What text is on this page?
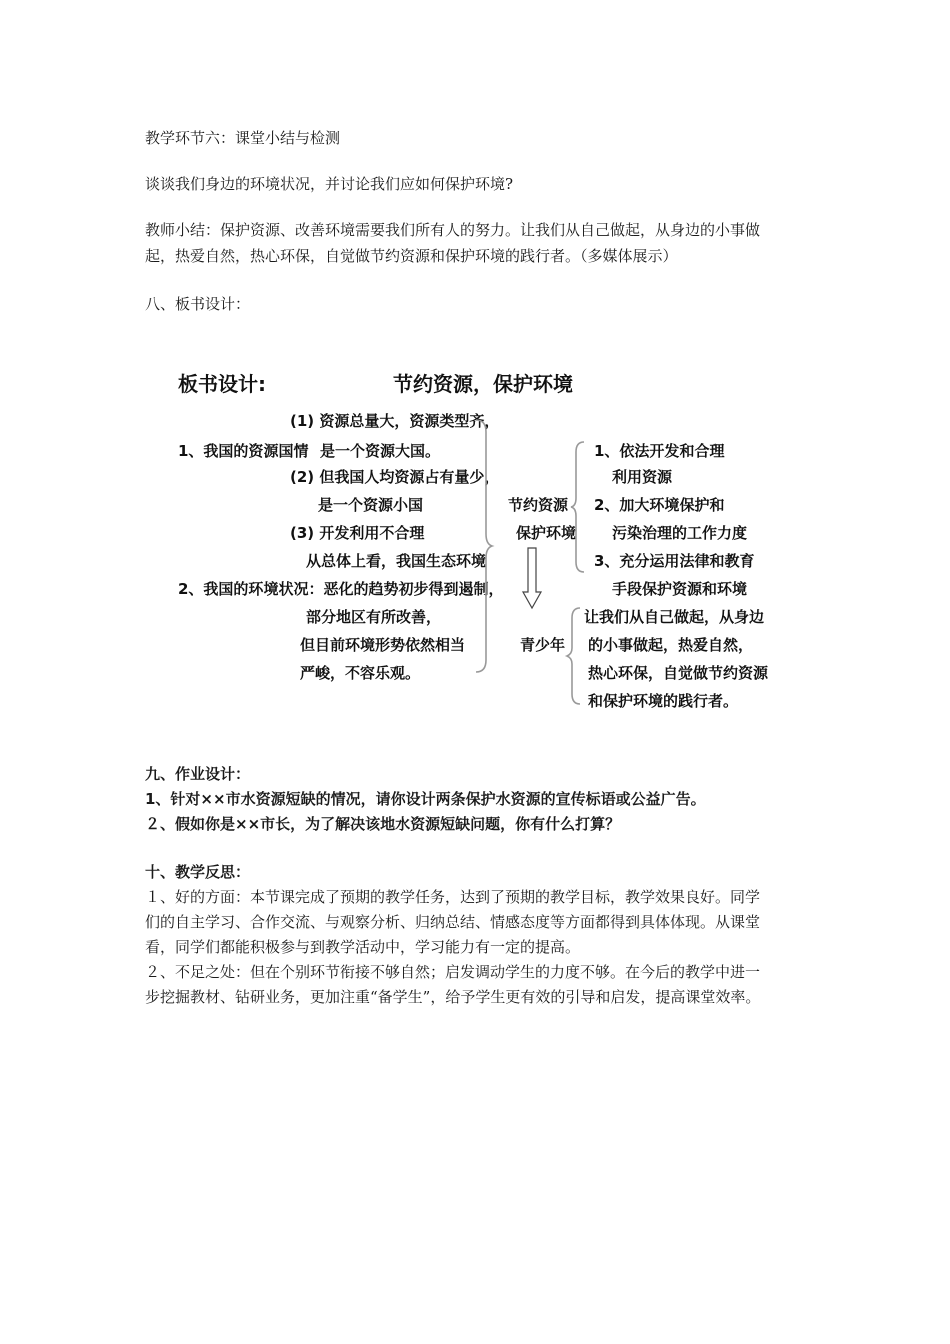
教学环节六：课堂小结与检测
谈谈我们身边的环境状况，并讨论我们应如何保护环境?
教师小结：保护资源、改善环境需要我们所有人的努力。让我们从自己做起，从身边的小事做
起，热爱自然，热心环保，自觉做节约资源和保护环境的践行者。（多媒体展示）
八、板书设计：
板书设计:	节约资源，保护环境
(1) 资源总量大，资源类型齐，
1、我国的资源国情 是一个资源大国。
(2) 但我国人均资源占有量少，
是一个资源小国
(3) 开发利用不合理
从总体上看，我国生态环境
2、我国的环境状况：恶化的趋势初步得到遏制，
部分地区有所改善，
但目前环境形势依然相当
严峻，不容乐观。
节约资源
保护环境
青少年
1、依法开发和合理
利用资源
2、加大环境保护和
污染治理的工作力度
3、充分运用法律和教育
手段保护资源和环境
让我们从自己做起，从身边
的小事做起，热爱自然，
热心环保，自觉做节约资源
和保护环境的践行者。
九、作业设计：
1、针对××市水资源短缺的情况，请你设计两条保护水资源的宣传标语或公益广告。
２、假如你是××市长，为了解决该地水资源短缺问题，你有什么打算？
十、教学反思：
１、好的方面：本节课完成了预期的教学任务，达到了预期的教学目标，教学效果良好。同学
们的自主学习、合作交流、与观察分析、归纳总结、情感态度等方面都得到具体体现。从课堂
看，同学们都能积极参与到教学活动中，学习能力有一定的提高。
２、不足之处：但在个别环节衔接不够自然；启发调动学生的力度不够。在今后的教学中进一
步挖掘教材、钻研业务，更加注重“备学生”，给予学生更有效的引导和启发，提高课堂效率。
